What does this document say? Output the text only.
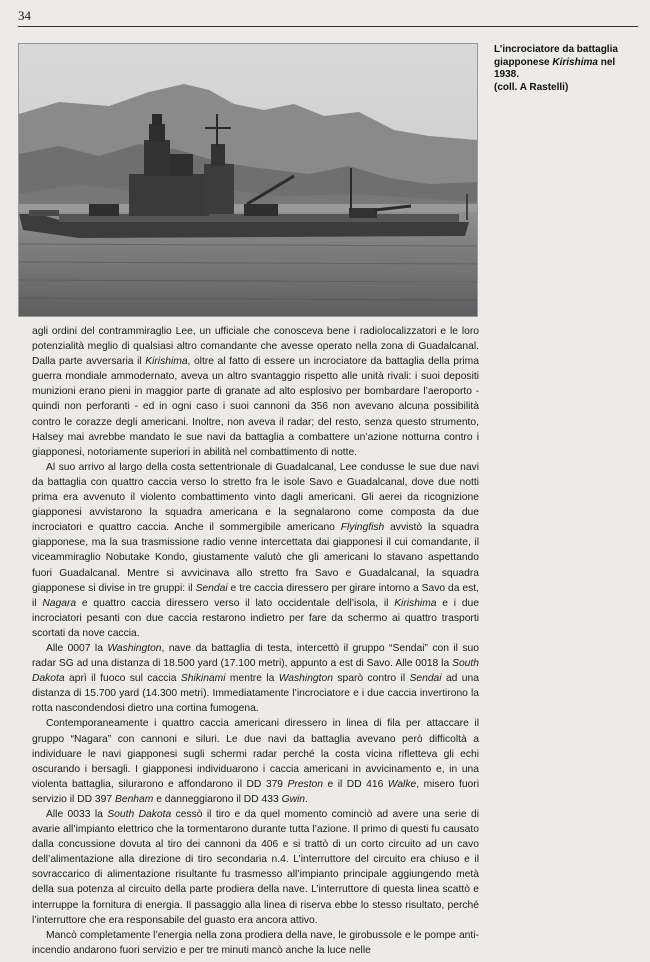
34
L’incrociatore da battaglia
giapponese Kirishima nel 1938.
(coll. A Rastelli)

agli ordini del contrammiraglio Lee, un ufficiale che conosceva bene i radiolocalizzatori e le loro potenzialità meglio di qualsiasi altro comandante che avesse operato nella zona di Guadalcanal. Dalla parte avversaria il Kirishima, oltre al fatto di essere un incrociatore da battaglia della prima guerra mondiale ammodernato, aveva un altro svantaggio rispetto alle unità rivali: i suoi depositi munizioni erano pieni in maggior parte di granate ad alto esplosivo per bombardare l’aeroporto - quindi non perforanti - ed in ogni caso i suoi cannoni da 356 non avevano alcuna possibilità contro le corazze degli americani. Inoltre, non aveva il radar; del resto, senza questo strumento, Halsey mai avrebbe mandato le sue navi da battaglia a combattere un’azione notturna contro i giapponesi, notoriamente superiori in abilità nel combattimento di notte.

Al suo arrivo al largo della costa settentrionale di Guadalcanal, Lee condusse le sue due navi da battaglia con quattro caccia verso lo stretto fra le isole Savo e Guadalcanal, dove due notti prima era avvenuto il violento combattimento vinto dagli americani. Gli aerei da ricognizione giapponesi avvistarono la squadra americana e la segnalarono come composta da due incrociatori e quattro caccia. Anche il sommergibile americano Flyingfish avvistò la squadra giapponese, ma la sua trasmissione radio venne intercettata dai giapponesi il cui comandante, il viceammiraglio Nobutake Kondo, giustamente valutò che gli americani lo stavano aspettando fuori Guadalcanal. Mentre si avvicinava allo stretto fra Savo e Guadalcanal, la squadra giapponese si divise in tre gruppi: il Sendai e tre caccia diressero per girare intorno a Savo da est, il Nagara e quattro caccia diressero verso il lato occidentale dell’isola, il Kirishima e i due incrociatori pesanti con due caccia restarono indietro per fare da schermo ai quattro trasporti scortati da nove caccia.

Alle 0007 la Washington, nave da battaglia di testa, intercettò il gruppo “Sendai” con il suo radar SG ad una distanza di 18.500 yard (17.100 metri), appunto a est di Savo. Alle 0018 la South Dakota aprì il fuoco sul caccia Shikinami mentre la Washington sparò contro il Sendai ad una distanza di 15.700 yard (14.300 metri). Immediatamente l’incrociatore e i due caccia invertirono la rotta nascondendosi dietro una cortina fumogena.

Contemporaneamente i quattro caccia americani diressero in linea di fila per attaccare il gruppo “Nagara” con cannoni e siluri. Le due navi da battaglia avevano però difficoltà a individuare le navi giapponesi sugli schermi radar perché la costa vicina rifletteva gli echi oscurando i bersagli. I giapponesi individuarono i caccia americani in avvicinamento e, in una violenta battaglia, silurarono e affondarono il DD 379 Preston e il DD 416 Walke, misero fuori servizio il DD 397 Benham e danneggiarono il DD 433 Gwin.

Alle 0033 la South Dakota cessò il tiro e da quel momento cominciò ad avere una serie di avarie all’impianto elettrico che la tormentarono durante tutta l’azione. Il primo di questi fu causato dalla concussione dovuta al tiro dei cannoni da 406 e si trattò di un corto circuito ad un cavo dell’alimentazione alla direzione di tiro secondaria n.4. L’interruttore del circuito era chiuso e il sovraccarico di alimentazione risultante fu trasmesso all’impianto principale aggiungendo metà della sua potenza al circuito della parte prodiera della nave. L’interruttore di questa linea scattò e interruppe la fornitura di energia. Il passaggio alla linea di riserva ebbe lo stesso risultato, perché l’interruttore che era responsabile del guasto era ancora attivo.

Mancò completamente l’energia nella zona prodiera della nave, le girobussole e le pompe anti-incendio andarono fuori servizio e per tre minuti mancò anche la luce nelle
